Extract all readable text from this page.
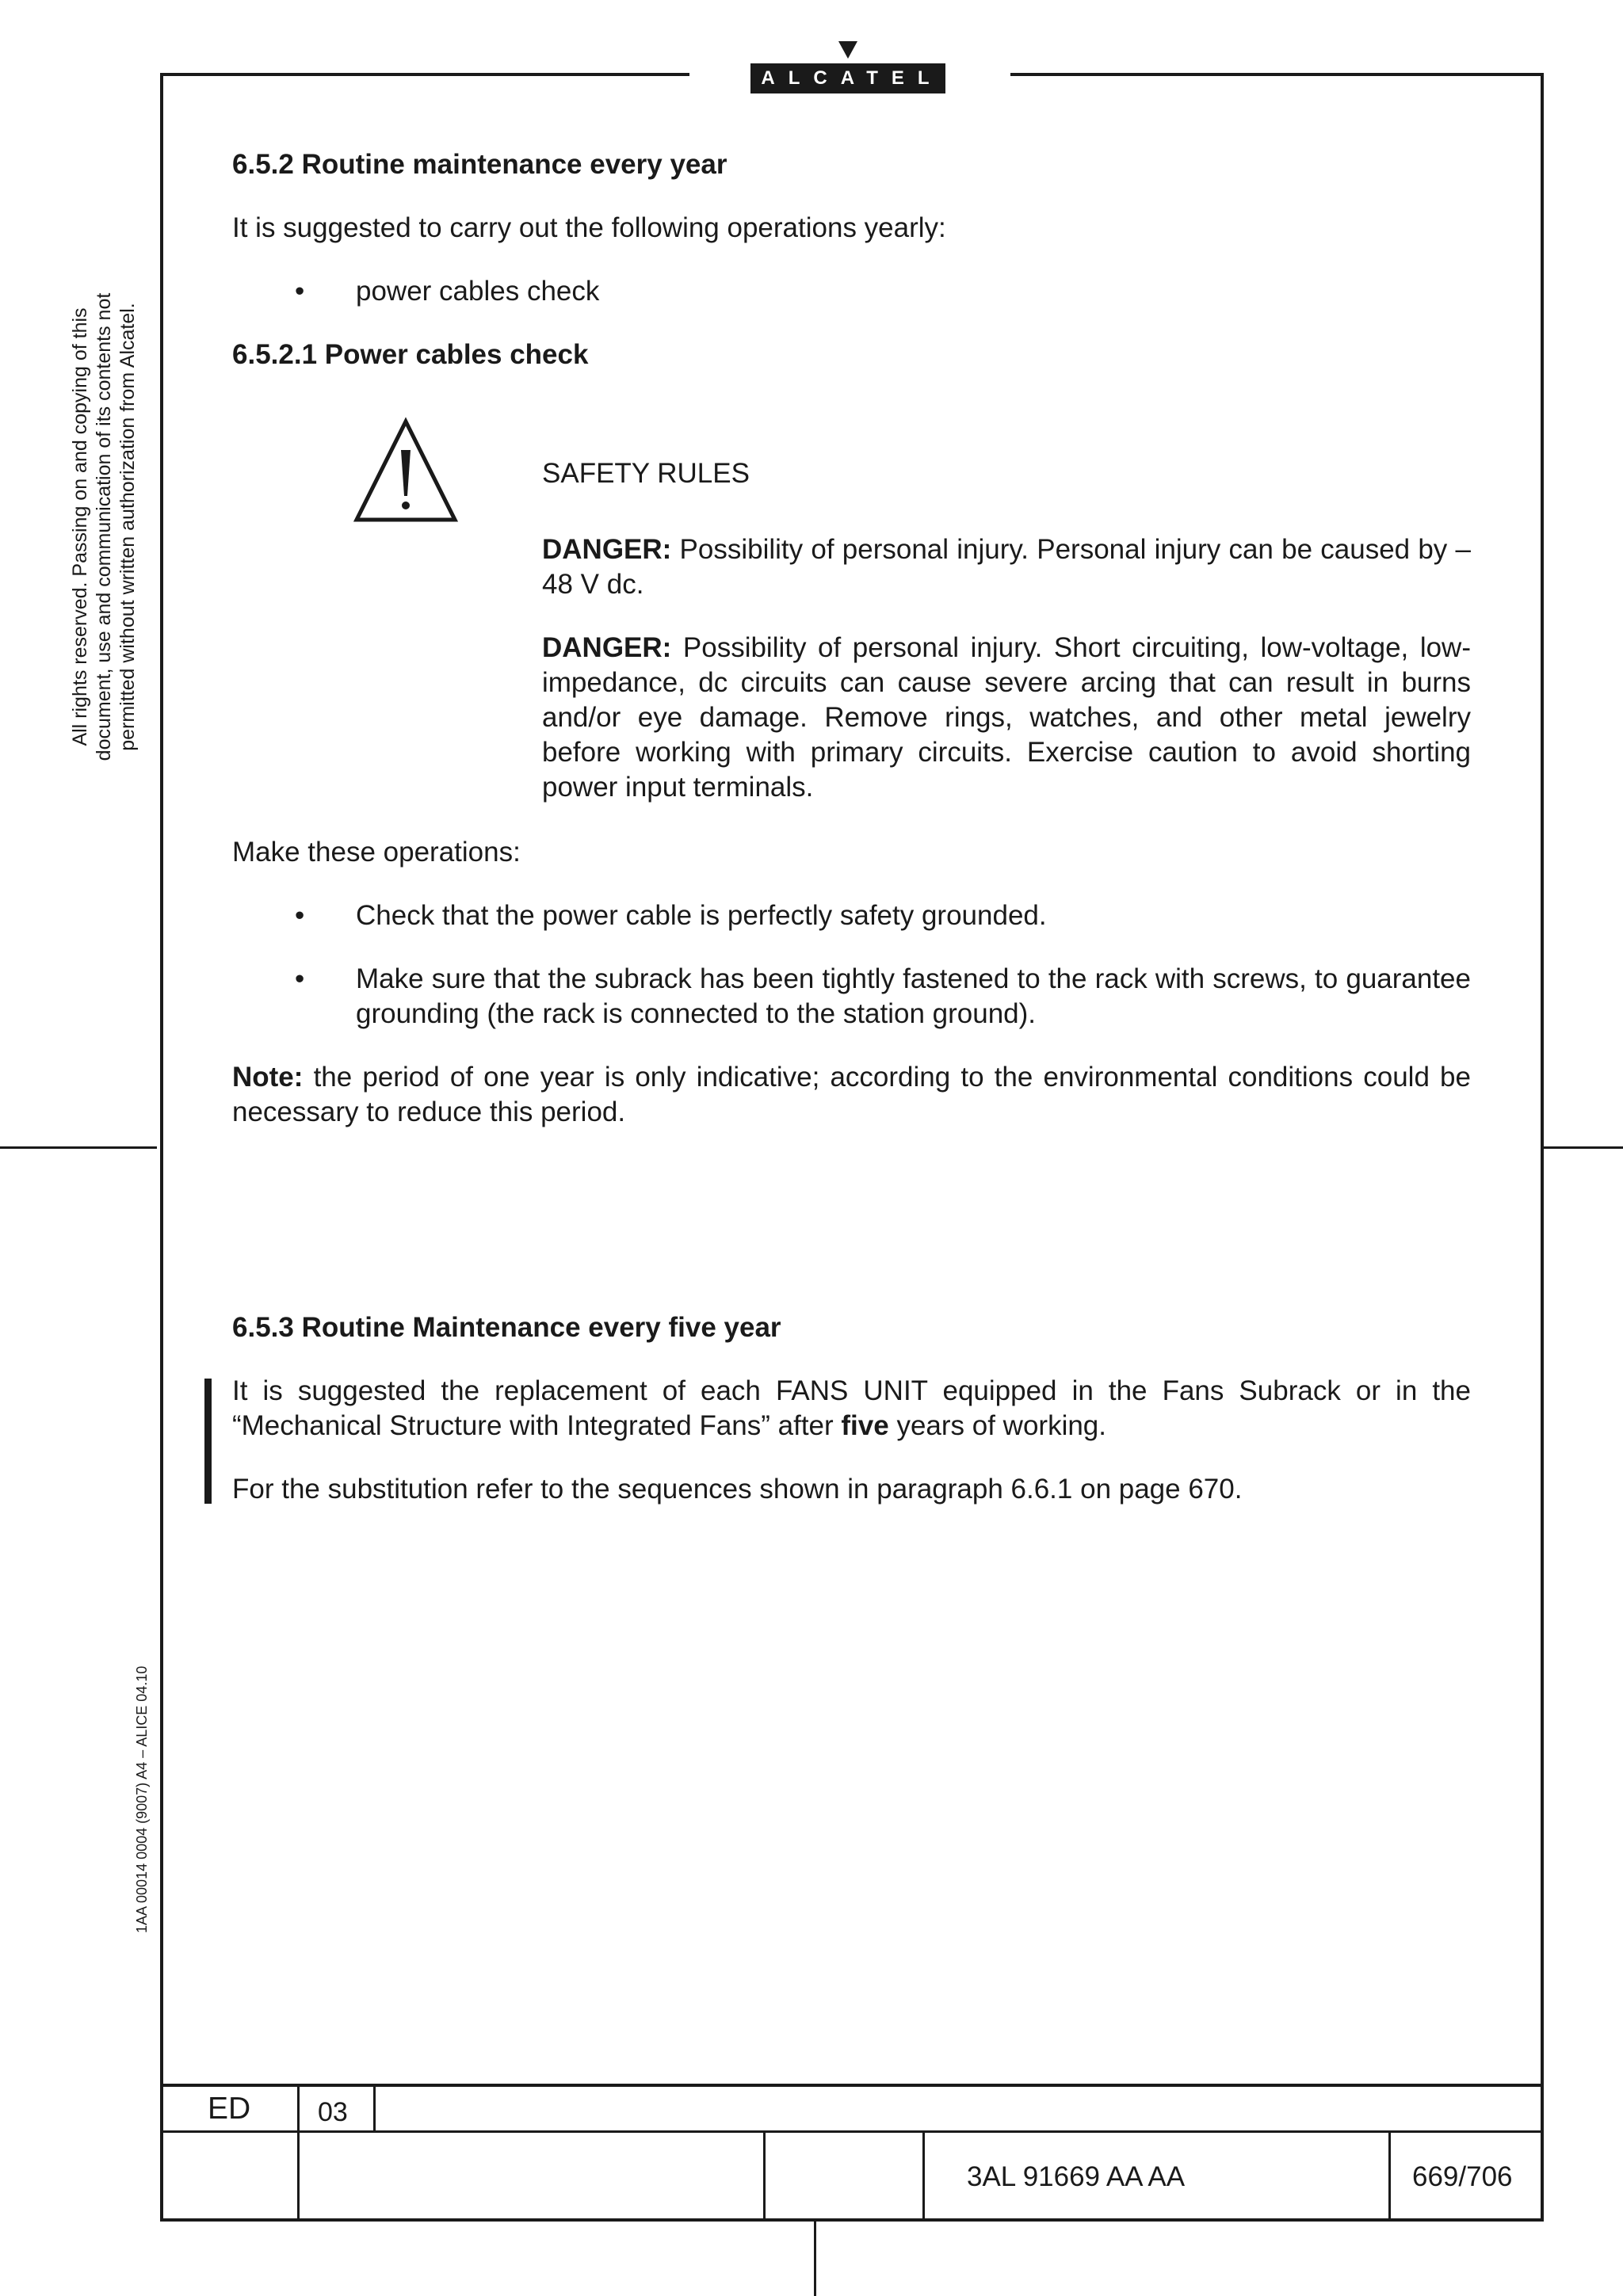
ALCATEL
All rights reserved. Passing on and copying of this document, use and communication of its contents not permitted without written authorization from Alcatel.
1AA 00014 0004 (9007) A4 – ALICE 04.10
6.5.2 Routine maintenance every year
It is suggested to carry out the following operations yearly:
• power cables check
6.5.2.1 Power cables check
SAFETY RULES
DANGER: Possibility of personal injury. Personal injury can be caused by –48 V dc.
DANGER: Possibility of personal injury. Short circuiting, low-voltage, low-impedance, dc circuits can cause severe arcing that can result in burns and/or eye damage. Remove rings, watches, and other metal jewelry before working with primary circuits. Exercise caution to avoid shorting power input terminals.
Make these operations:
• Check that the power cable is perfectly safety grounded.
• Make sure that the subrack has been tightly fastened to the rack with screws, to guarantee grounding (the rack is connected to the station ground).
Note: the period of one year is only indicative; according to the environmental conditions could be necessary to reduce this period.
6.5.3 Routine Maintenance every five year
It is suggested the replacement of each FANS UNIT equipped in the Fans Subrack or in the “Mechanical Structure with Integrated Fans” after five years of working.
For the substitution refer to the sequences shown in paragraph 6.6.1 on page 670.
ED 03
3AL 91669 AA AA	669/706
